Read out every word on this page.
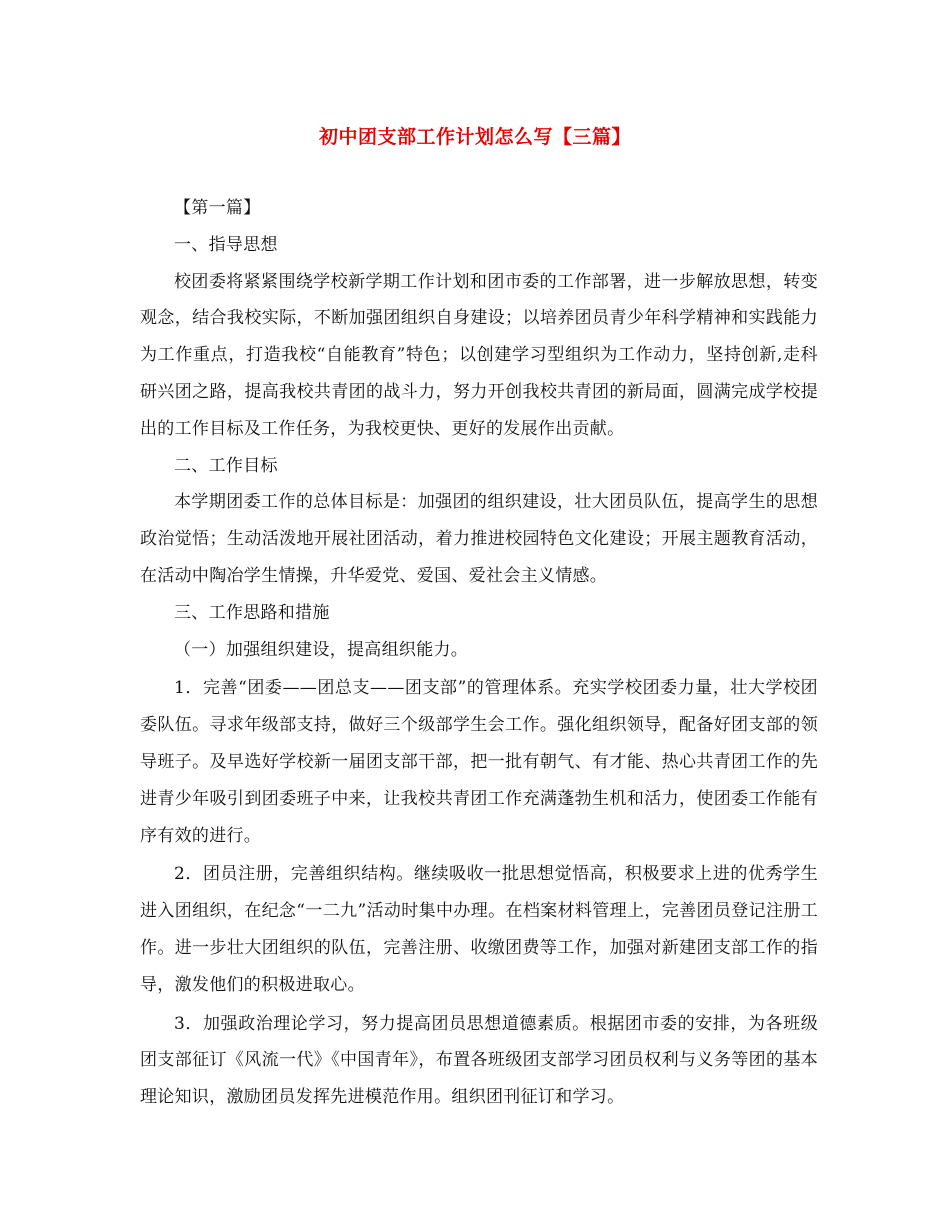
初中团支部工作计划怎么写【三篇】

【第一篇】

一、指导思想

校团委将紧紧围绕学校新学期工作计划和团市委的工作部署，进一步解放思想，转变观念，结合我校实际，不断加强团组织自身建设；以培养团员青少年科学精神和实践能力为工作重点，打造我校“自能教育”特色；以创建学习型组织为工作动力，坚持创新,走科研兴团之路，提高我校共青团的战斗力，努力开创我校共青团的新局面，圆满完成学校提出的工作目标及工作任务，为我校更快、更好的发展作出贡献。

二、工作目标

本学期团委工作的总体目标是：加强团的组织建设，壮大团员队伍，提高学生的思想政治觉悟；生动活泼地开展社团活动，着力推进校园特色文化建设；开展主题教育活动，在活动中陶冶学生情操，升华爱党、爱国、爱社会主义情感。

三、工作思路和措施

（一）加强组织建设，提高组织能力。

1．完善“团委——团总支——团支部”的管理体系。充实学校团委力量，壮大学校团委队伍。寻求年级部支持，做好三个级部学生会工作。强化组织领导，配备好团支部的领导班子。及早选好学校新一届团支部干部，把一批有朝气、有才能、热心共青团工作的先进青少年吸引到团委班子中来，让我校共青团工作充满蓬勃生机和活力，使团委工作能有序有效的进行。

2．团员注册，完善组织结构。继续吸收一批思想觉悟高，积极要求上进的优秀学生进入团组织，在纪念“一二九”活动时集中办理。在档案材料管理上，完善团员登记注册工作。进一步壮大团组织的队伍，完善注册、收缴团费等工作，加强对新建团支部工作的指导，激发他们的积极进取心。

3．加强政治理论学习，努力提高团员思想道德素质。根据团市委的安排，为各班级团支部征订《风流一代》《中国青年》，布置各班级团支部学习团员权利与义务等团的基本理论知识，激励团员发挥先进模范作用。组织团刊征订和学习。
